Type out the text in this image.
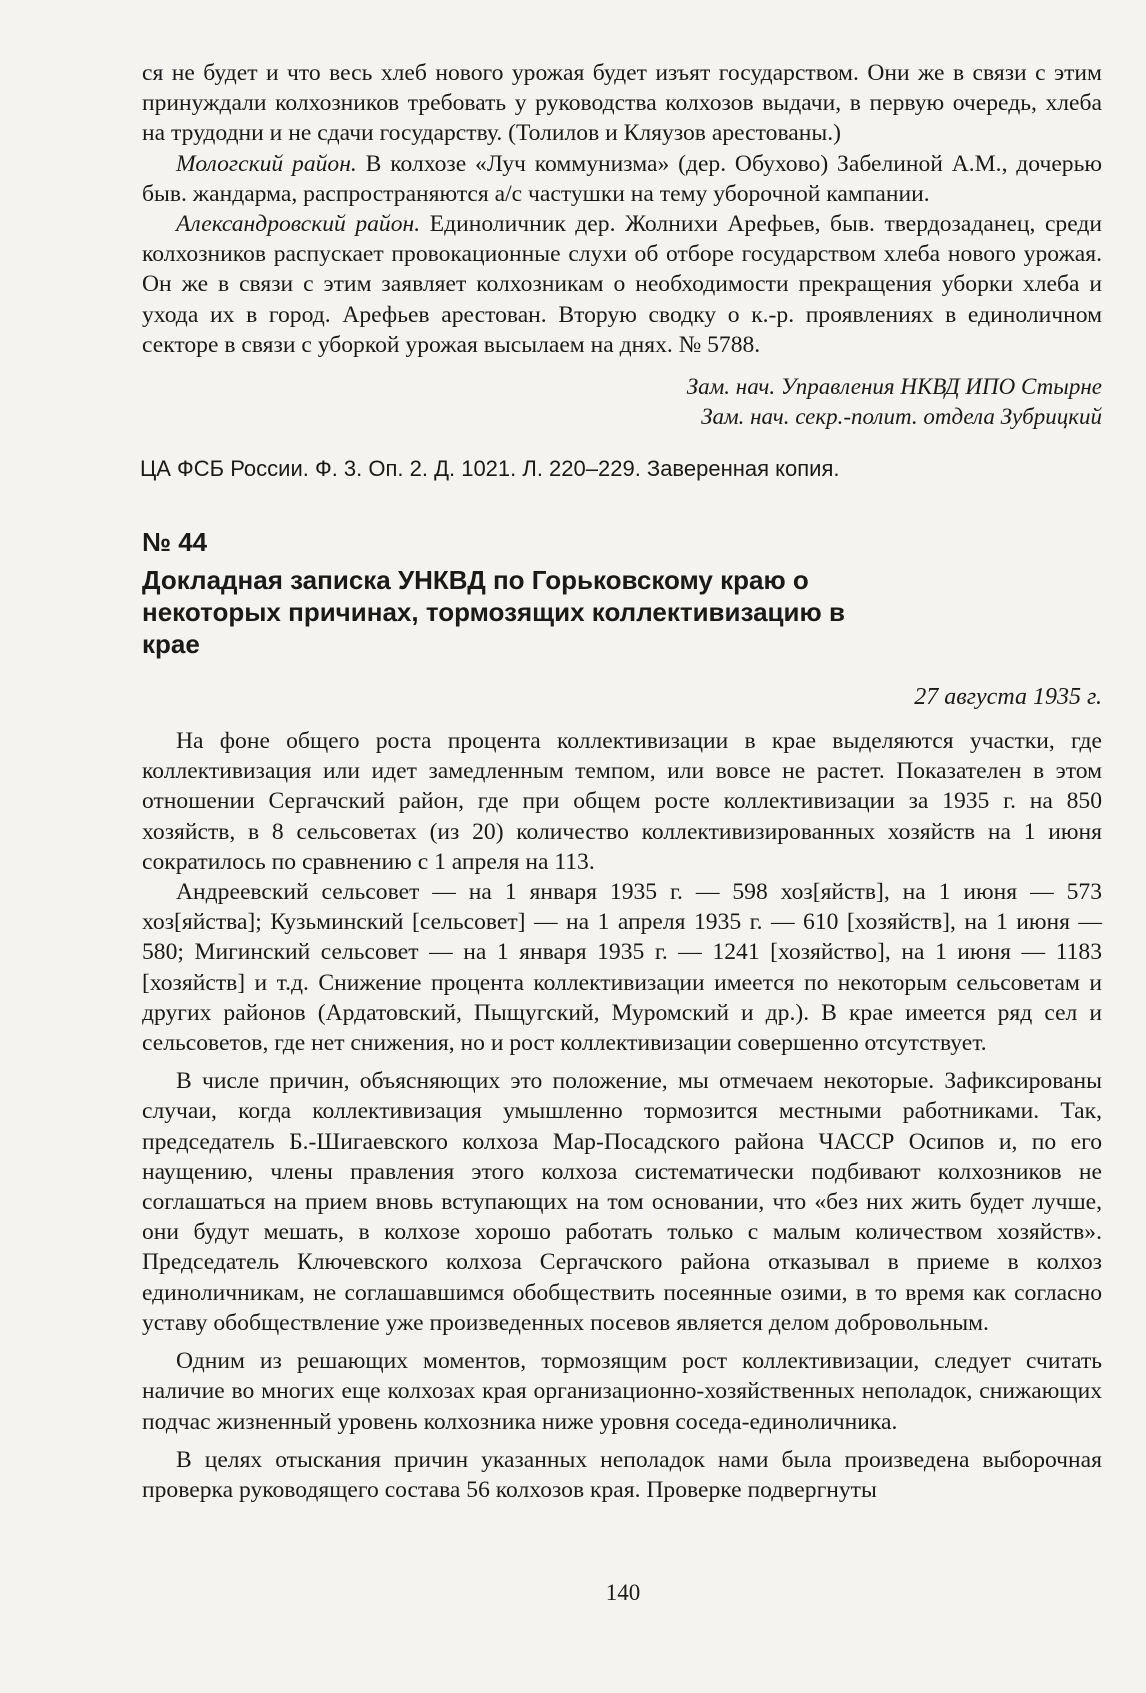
ся не будет и что весь хлеб нового урожая будет изъят государством. Они же в связи с этим принуждали колхозников требовать у руководства колхозов выдачи, в первую очередь, хлеба на трудодни и не сдачи государству. (Толилов и Кляузов арестованы.)

Мологский район. В колхозе «Луч коммунизма» (дер. Обухово) Забелиной А.М., дочерью быв. жандарма, распространяются а/с частушки на тему уборочной кампании.

Александровский район. Единоличник дер. Жолнихи Арефьев, быв. твердозаданец, среди колхозников распускает провокационные слухи об отборе государством хлеба нового урожая. Он же в связи с этим заявляет колхозникам о необходимости прекращения уборки хлеба и ухода их в город. Арефьев арестован. Вторую сводку о к.-р. проявлениях в единоличном секторе в связи с уборкой урожая высылаем на днях. № 5788.

Зам. нач. Управления НКВД ИПО Стырне

Зам. нач. секр.-полит. отдела Зубрицкий

ЦА ФСБ России. Ф. 3. Оп. 2. Д. 1021. Л. 220–229. Заверенная копия.

№ 44
Докладная записка УНКВД по Горьковскому краю о некоторых причинах, тормозящих коллективизацию в крае

27 августа 1935 г.

На фоне общего роста процента коллективизации в крае выделяются участки, где коллективизация или идет замедленным темпом, или вовсе не растет. Показателен в этом отношении Сергачский район, где при общем росте коллективизации за 1935 г. на 850 хозяйств, в 8 сельсоветах (из 20) количество коллективизированных хозяйств на 1 июня сократилось по сравнению с 1 апреля на 113.

Андреевский сельсовет — на 1 января 1935 г. — 598 хоз[яйств], на 1 июня — 573 хоз[яйства]; Кузьминский [сельсовет] — на 1 апреля 1935 г. — 610 [хозяйств], на 1 июня — 580; Мигинский сельсовет — на 1 января 1935 г. — 1241 [хозяйство], на 1 июня — 1183 [хозяйств] и т.д. Снижение процента коллективизации имеется по некоторым сельсоветам и других районов (Ардатовский, Пыщугский, Муромский и др.). В крае имеется ряд сел и сельсоветов, где нет снижения, но и рост коллективизации совершенно отсутствует.

В числе причин, объясняющих это положение, мы отмечаем некоторые. Зафиксированы случаи, когда коллективизация умышленно тормозится местными работниками. Так, председатель Б.-Шигаевского колхоза Мар-Посадского района ЧАССР Осипов и, по его наущению, члены правления этого колхоза систематически подбивают колхозников не соглашаться на прием вновь вступающих на том основании, что «без них жить будет лучше, они будут мешать, в колхозе хорошо работать только с малым количеством хозяйств». Председатель Ключевского колхоза Сергачского района отказывал в приеме в колхоз единоличникам, не соглашавшимся обобществить посеянные озими, в то время как согласно уставу обобществление уже произведенных посевов является делом добровольным.

Одним из решающих моментов, тормозящим рост коллективизации, следует считать наличие во многих еще колхозах края организационно-хозяйственных неполадок, снижающих подчас жизненный уровень колхозника ниже уровня соседа-единоличника.

В целях отыскания причин указанных неполадок нами была произведена выборочная проверка руководящего состава 56 колхозов края. Проверке подвергнуты

140
